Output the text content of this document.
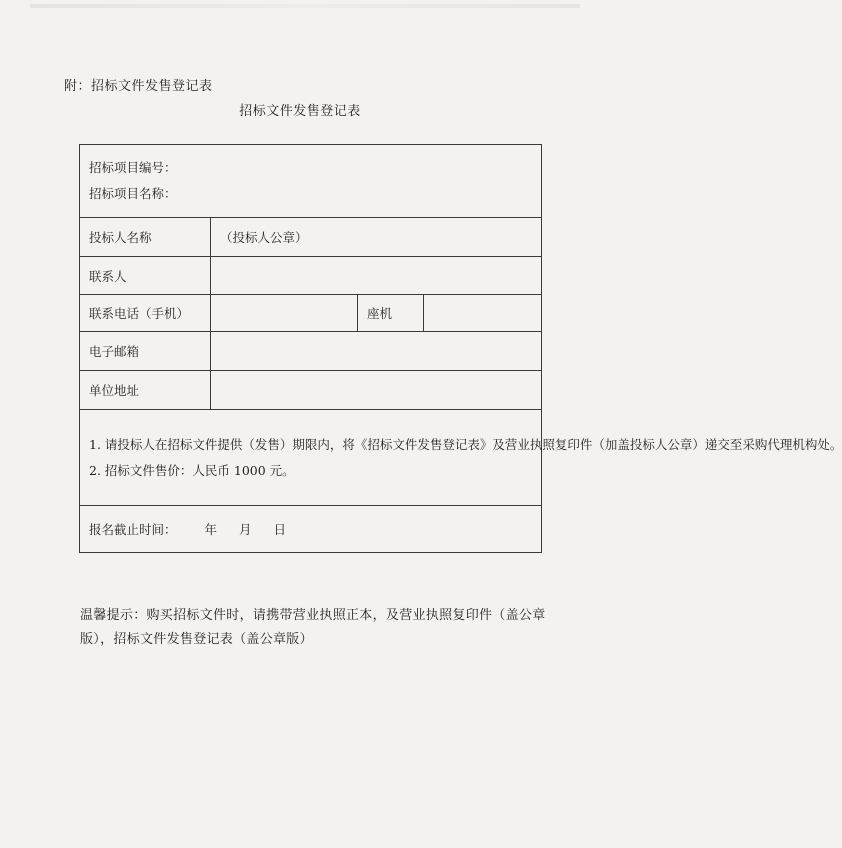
附：招标文件发售登记表
招标文件发售登记表
招标项目编号：
招标项目名称：			

投标人名称	（投标人公章）		
联系人			
联系电话（手机）		座机	
电子邮箱			
单位地址			

1. 请投标人在招标文件提供（发售）期限内，将《招标文件发售登记表》及营业执照复印件（加盖投标人公章）递交至采购代理机构处。
2. 招标文件售价：人民币 1000 元。			

报名截止时间： 年 月 日			
温馨提示：购买招标文件时，请携带营业执照正本，及营业执照复印件（盖公章版），招标文件发售登记表（盖公章版）
